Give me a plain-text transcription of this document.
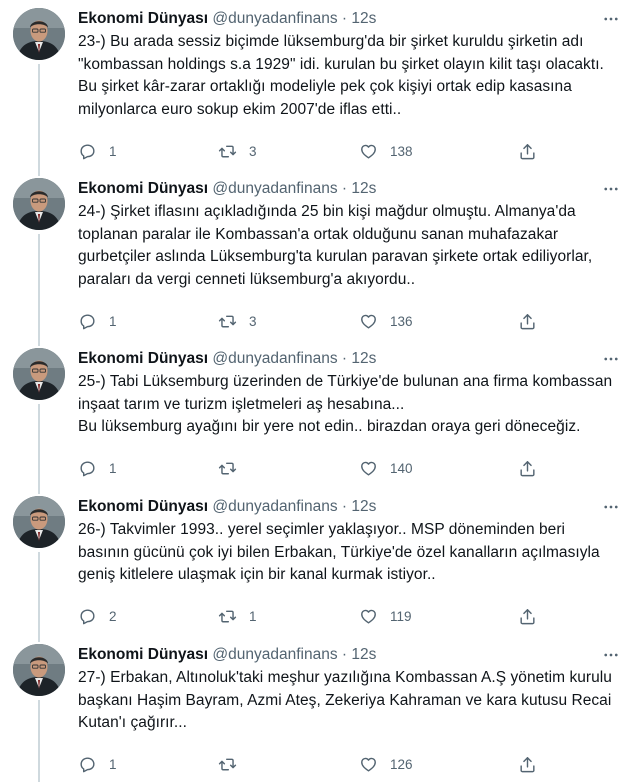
Ekonomi Dünyası @dunyadanfinans · 12s
23-) Bu arada sessiz biçimde lüksemburg'da bir şirket kuruldu şirketin adı
"kombassan holdings s.a 1929" idi. kurulan bu şirket olayın kilit taşı olacaktı.
Bu şirket kâr-zarar ortaklığı modeliyle pek çok kişiyi ortak edip kasasına
milyonlarca euro sokup ekim 2007'de iflas etti..
1	3	138
Ekonomi Dünyası @dunyadanfinans · 12s
24-) Şirket iflasını açıkladığında 25 bin kişi mağdur olmuştu. Almanya'da
toplanan paralar ile Kombassan'a ortak olduğunu sanan muhafazakar
gurbetçiler aslında Lüksemburg'ta kurulan paravan şirkete ortak ediliyorlar,
paraları da vergi cenneti lüksemburg'a akıyordu..
1	3	136
Ekonomi Dünyası @dunyadanfinans · 12s
25-) Tabi Lüksemburg üzerinden de Türkiye'de bulunan ana firma kombassan
inşaat tarım ve turizm işletmeleri aş hesabına...
Bu lüksemburg ayağını bir yere not edin.. birazdan oraya geri döneceğiz.
1	140
Ekonomi Dünyası @dunyadanfinans · 12s
26-) Takvimler 1993.. yerel seçimler yaklaşıyor.. MSP döneminden beri
basının gücünü çok iyi bilen Erbakan, Türkiye'de özel kanalların açılmasıyla
geniş kitlelere ulaşmak için bir kanal kurmak istiyor..
2	1	119
Ekonomi Dünyası @dunyadanfinans · 12s
27-) Erbakan, Altınoluk'taki meşhur yazılığına Kombassan A.Ş yönetim kurulu
başkanı Haşim Bayram, Azmi Ateş, Zekeriya Kahraman ve kara kutusu Recai
Kutan'ı çağırır...
1	126
